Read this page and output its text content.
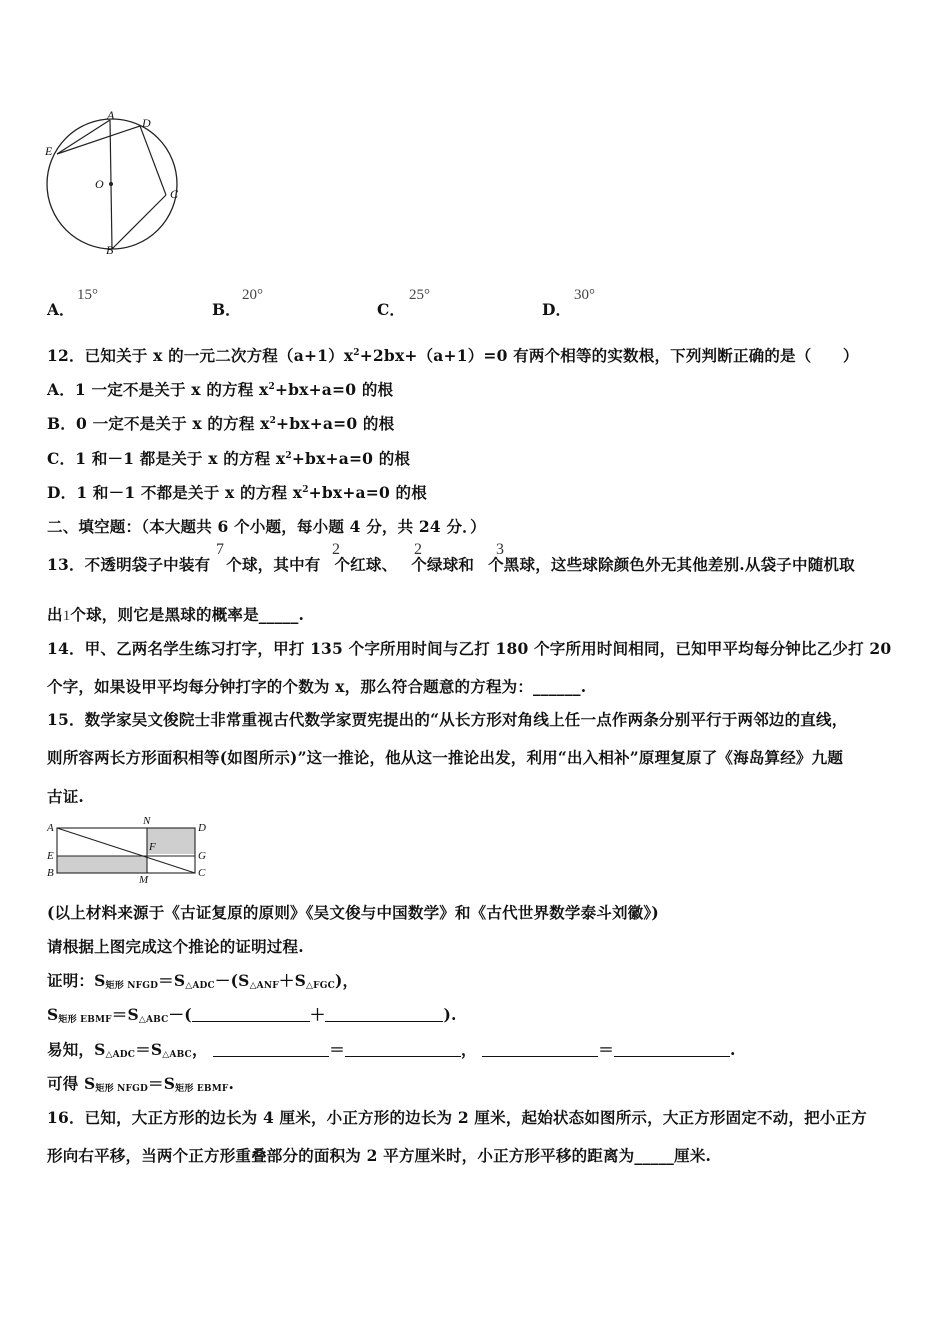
A
D
E
O
C
B
A．
15°
B．
20°
C．
25°
D．
30°
12．已知关于 x 的一元二次方程$(a+1)x^2+2bx+(a+1)=0$ 有两个相等的实数根，下列判断正确的是（　　）
A．1 一定不是关于 x 的方程 $x^2+bx+a=0$ 的根
B．0 一定不是关于 x 的方程 $x^2+bx+a=0$ 的根
C．1 和－1 都是关于 x 的方程 $x^2+bx+a=0$ 的根
D．1 和－1 不都是关于 x 的方程 $x^2+bx+a=0$ 的根
二、填空题：（本大题共 6 个小题，每小题 4 分，共 24 分．）
13．不透明袋子中装有 个球，其中有 个红球、 个绿球和 个黑球，这些球除颜色外无其他差别.从袋子中随机取
7	2	2	3
出1个球，则它是黑球的概率是_____.
14．甲、乙两名学生练习打字，甲打 135 个字所用时间与乙打 180 个字所用时间相同，已知甲平均每分钟比乙少打 20
个字，如果设甲平均每分钟打字的个数为 x，那么符合题意的方程为：______.
15．数学家吴文俊院士非常重视古代数学家贾宪提出的“从长方形对角线上任一点作两条分别平行于两邻边的直线，
则所容两长方形面积相等(如图所示)”这一推论，他从这一推论出发，利用“出入相补”原理复原了《海岛算经》九题
古证.
A
N
D
E
F
G
B
M
C
(以上材料来源于《古证复原的原则》《吴文俊与中国数学》和《古代世界数学泰斗刘徽》)
请根据上图完成这个推论的证明过程.
证明：$S_{矩形 NFGD}=S_{\triangle ADC}-(S_{\triangle ANF}+S_{\triangle FGC})$，
$S_{矩形 EBMF}=S_{\triangle ABC}-$(	＋	).
易知，$S_{\triangle ADC}=S_{\triangle ABC}$，	＝	，	＝	.
可得 $S_{矩形 NFGD}=S_{矩形 EBMF}$.
16．已知，大正方形的边长为 4 厘米，小正方形的边长为 2 厘米，起始状态如图所示，大正方形固定不动，把小正方
形向右平移，当两个正方形重叠部分的面积为 2 平方厘米时，小正方形平移的距离为_____厘米.
